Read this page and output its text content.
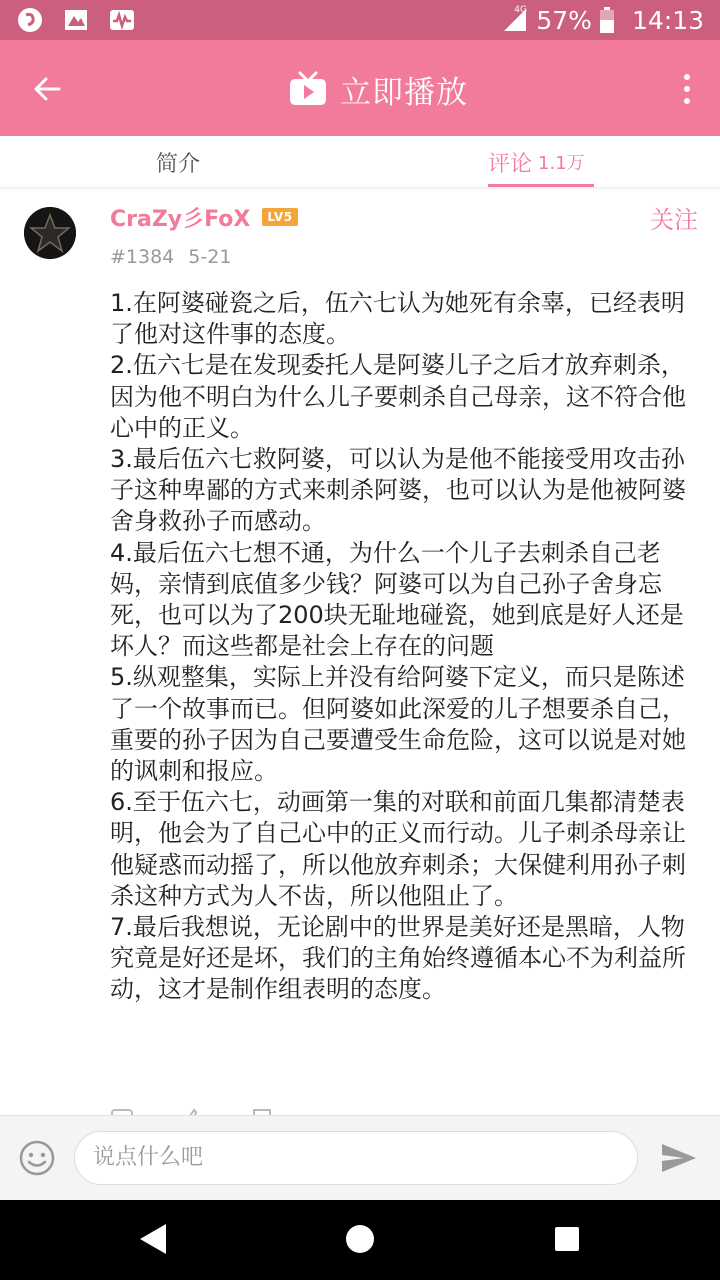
57% 14:13
4G
立即播放
简介	评论 1.1万
CraZy彡FoX	LV5	关注
#1384 5-21

1.在阿婆碰瓷之后，伍六七认为她死有余辜，已经表明了他对这件事的态度。

2.伍六七是在发现委托人是阿婆儿子之后才放弃刺杀，因为他不明白为什么儿子要刺杀自己母亲，这不符合他心中的正义。

3.最后伍六七救阿婆，可以认为是他不能接受用攻击孙子这种卑鄙的方式来刺杀阿婆，也可以认为是他被阿婆舍身救孙子而感动。

4.最后伍六七想不通，为什么一个儿子去刺杀自己老妈，亲情到底值多少钱？阿婆可以为自己孙子舍身忘死，也可以为了200块无耻地碰瓷，她到底是好人还是坏人？而这些都是社会上存在的问题

5.纵观整集，实际上并没有给阿婆下定义，而只是陈述了一个故事而已。但阿婆如此深爱的儿子想要杀自己，重要的孙子因为自己要遭受生命危险，这可以说是对她的讽刺和报应。

6.至于伍六七，动画第一集的对联和前面几集都清楚表明，他会为了自己心中的正义而行动。儿子刺杀母亲让他疑惑而动摇了，所以他放弃刺杀；大保健利用孙子刺杀这种方式为人不齿，所以他阻止了。

7.最后我想说，无论剧中的世界是美好还是黑暗，人物究竟是好还是坏，我们的主角始终遵循本心不为利益所动，这才是制作组表明的态度。

说点什么吧
